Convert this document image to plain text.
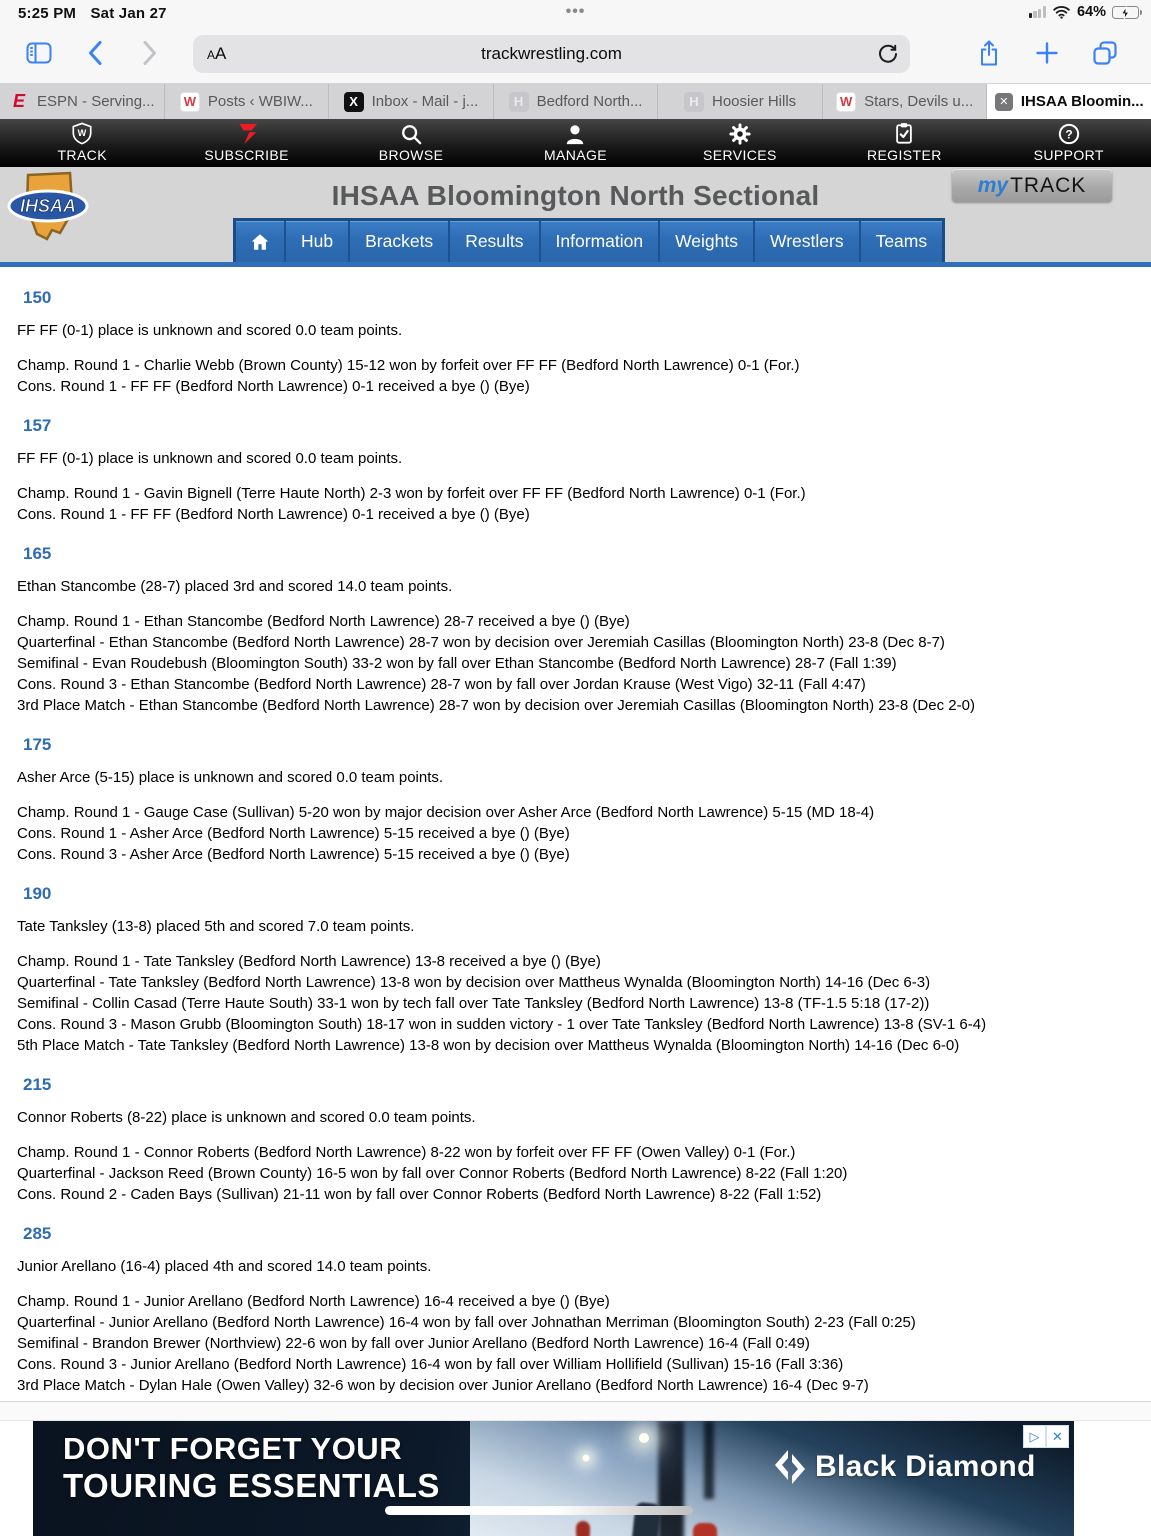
5:25 PM Sat Jan 27	•••	64%
AA	trackwrestling.com
E ESPN - Serving... W Posts ‹ WBIW...	X Inbox - Mail - j...	H Bedford North...	H Hoosier Hills	W Stars, Devils u...	✕ IHSAA Bloomin...
W
TRACK	SUBSCRIBE	BROWSE	MANAGE	SERVICES	REGISTER
?
SUPPORT
IHSAA	IHSAA Bloomington North Sectional	my TRACK
Hub Brackets Results Information Weights Wrestlers Teams
150
FF FF (0-1) place is unknown and scored 0.0 team points.
Champ. Round 1 - Charlie Webb (Brown County) 15-12 won by forfeit over FF FF (Bedford North Lawrence) 0-1 (For.)
Cons. Round 1 - FF FF (Bedford North Lawrence) 0-1 received a bye () (Bye)
157
FF FF (0-1) place is unknown and scored 0.0 team points.
Champ. Round 1 - Gavin Bignell (Terre Haute North) 2-3 won by forfeit over FF FF (Bedford North Lawrence) 0-1 (For.)
Cons. Round 1 - FF FF (Bedford North Lawrence) 0-1 received a bye () (Bye)
165
Ethan Stancombe (28-7) placed 3rd and scored 14.0 team points.
Champ. Round 1 - Ethan Stancombe (Bedford North Lawrence) 28-7 received a bye () (Bye)
Quarterfinal - Ethan Stancombe (Bedford North Lawrence) 28-7 won by decision over Jeremiah Casillas (Bloomington North) 23-8 (Dec 8-7)
Semifinal - Evan Roudebush (Bloomington South) 33-2 won by fall over Ethan Stancombe (Bedford North Lawrence) 28-7 (Fall 1:39)
Cons. Round 3 - Ethan Stancombe (Bedford North Lawrence) 28-7 won by fall over Jordan Krause (West Vigo) 32-11 (Fall 4:47)
3rd Place Match - Ethan Stancombe (Bedford North Lawrence) 28-7 won by decision over Jeremiah Casillas (Bloomington North) 23-8 (Dec 2-0)
175
Asher Arce (5-15) place is unknown and scored 0.0 team points.
Champ. Round 1 - Gauge Case (Sullivan) 5-20 won by major decision over Asher Arce (Bedford North Lawrence) 5-15 (MD 18-4)
Cons. Round 1 - Asher Arce (Bedford North Lawrence) 5-15 received a bye () (Bye)
Cons. Round 3 - Asher Arce (Bedford North Lawrence) 5-15 received a bye () (Bye)
190
Tate Tanksley (13-8) placed 5th and scored 7.0 team points.
Champ. Round 1 - Tate Tanksley (Bedford North Lawrence) 13-8 received a bye () (Bye)
Quarterfinal - Tate Tanksley (Bedford North Lawrence) 13-8 won by decision over Mattheus Wynalda (Bloomington North) 14-16 (Dec 6-3)
Semifinal - Collin Casad (Terre Haute South) 33-1 won by tech fall over Tate Tanksley (Bedford North Lawrence) 13-8 (TF-1.5 5:18 (17-2))
Cons. Round 3 - Mason Grubb (Bloomington South) 18-17 won in sudden victory - 1 over Tate Tanksley (Bedford North Lawrence) 13-8 (SV-1 6-4)
5th Place Match - Tate Tanksley (Bedford North Lawrence) 13-8 won by decision over Mattheus Wynalda (Bloomington North) 14-16 (Dec 6-0)
215
Connor Roberts (8-22) place is unknown and scored 0.0 team points.
Champ. Round 1 - Connor Roberts (Bedford North Lawrence) 8-22 won by forfeit over FF FF (Owen Valley) 0-1 (For.)
Quarterfinal - Jackson Reed (Brown County) 16-5 won by fall over Connor Roberts (Bedford North Lawrence) 8-22 (Fall 1:20)
Cons. Round 2 - Caden Bays (Sullivan) 21-11 won by fall over Connor Roberts (Bedford North Lawrence) 8-22 (Fall 1:52)
285
Junior Arellano (16-4) placed 4th and scored 14.0 team points.
Champ. Round 1 - Junior Arellano (Bedford North Lawrence) 16-4 received a bye () (Bye)
Quarterfinal - Junior Arellano (Bedford North Lawrence) 16-4 won by fall over Johnathan Merriman (Bloomington South) 2-23 (Fall 0:25)
Semifinal - Brandon Brewer (Northview) 22-6 won by fall over Junior Arellano (Bedford North Lawrence) 16-4 (Fall 0:49)
Cons. Round 3 - Junior Arellano (Bedford North Lawrence) 16-4 won by fall over William Hollifield (Sullivan) 15-16 (Fall 3:36)
3rd Place Match - Dylan Hale (Owen Valley) 32-6 won by decision over Junior Arellano (Bedford North Lawrence) 16-4 (Dec 9-7)
DON'T FORGET YOUR
TOURING ESSENTIALS
Black Diamond
▷ ✕
